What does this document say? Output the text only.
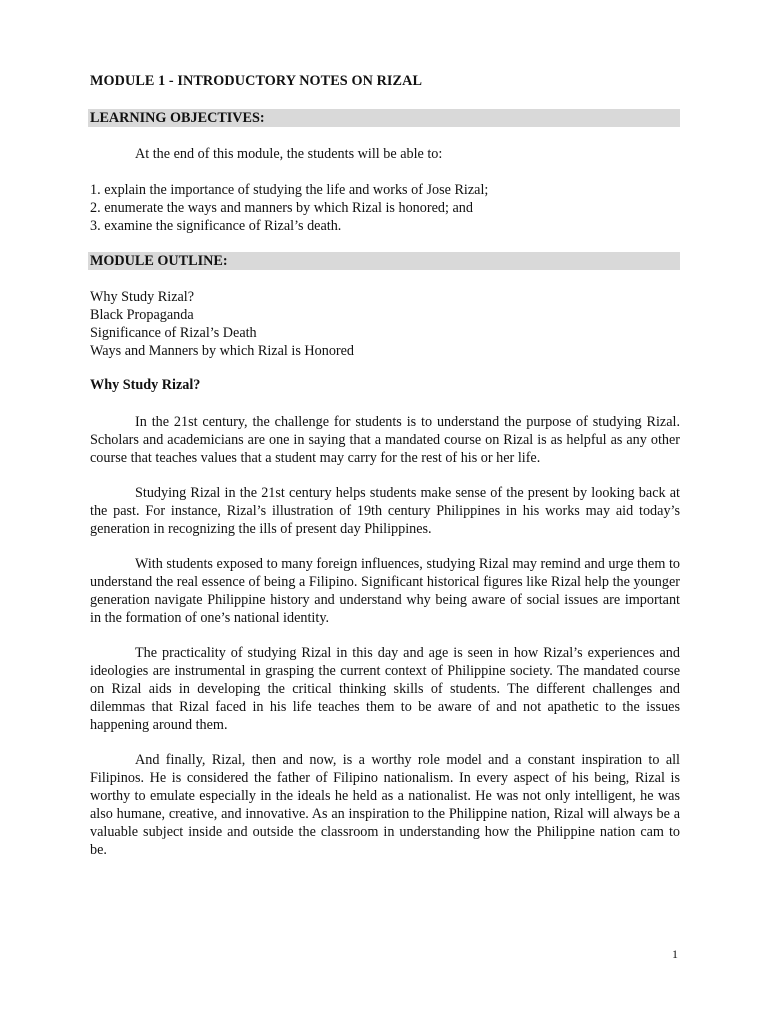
MODULE 1 - INTRODUCTORY NOTES ON RIZAL
LEARNING OBJECTIVES:
At the end of this module, the students will be able to:
1. explain the importance of studying the life and works of Jose Rizal;
2. enumerate the ways and manners by which Rizal is honored; and
3. examine the significance of Rizal’s death.
MODULE OUTLINE:
Why Study Rizal?
Black Propaganda
Significance of Rizal’s Death
Ways and Manners by which Rizal is Honored
Why Study Rizal?

In the 21st century, the challenge for students is to understand the purpose of studying Rizal. Scholars and academicians are one in saying that a mandated course on Rizal is as helpful as any other course that teaches values that a student may carry for the rest of his or her life.

Studying Rizal in the 21st century helps students make sense of the present by looking back at the past. For instance, Rizal’s illustration of 19th century Philippines in his works may aid today’s generation in recognizing the ills of present day Philippines.

With students exposed to many foreign influences, studying Rizal may remind and urge them to understand the real essence of being a Filipino. Significant historical figures like Rizal help the younger generation navigate Philippine history and understand why being aware of social issues are important in the formation of one’s national identity.

The practicality of studying Rizal in this day and age is seen in how Rizal’s experiences and ideologies are instrumental in grasping the current context of Philippine society. The mandated course on Rizal aids in developing the critical thinking skills of students. The different challenges and dilemmas that Rizal faced in his life teaches them to be aware of and not apathetic to the issues happening around them.

And finally, Rizal, then and now, is a worthy role model and a constant inspiration to all Filipinos. He is considered the father of Filipino nationalism. In every aspect of his being, Rizal is worthy to emulate especially in the ideals he held as a nationalist. He was not only intelligent, he was also humane, creative, and innovative. As an inspiration to the Philippine nation, Rizal will always be a valuable subject inside and outside the classroom in understanding how the Philippine nation cam to be.

1
